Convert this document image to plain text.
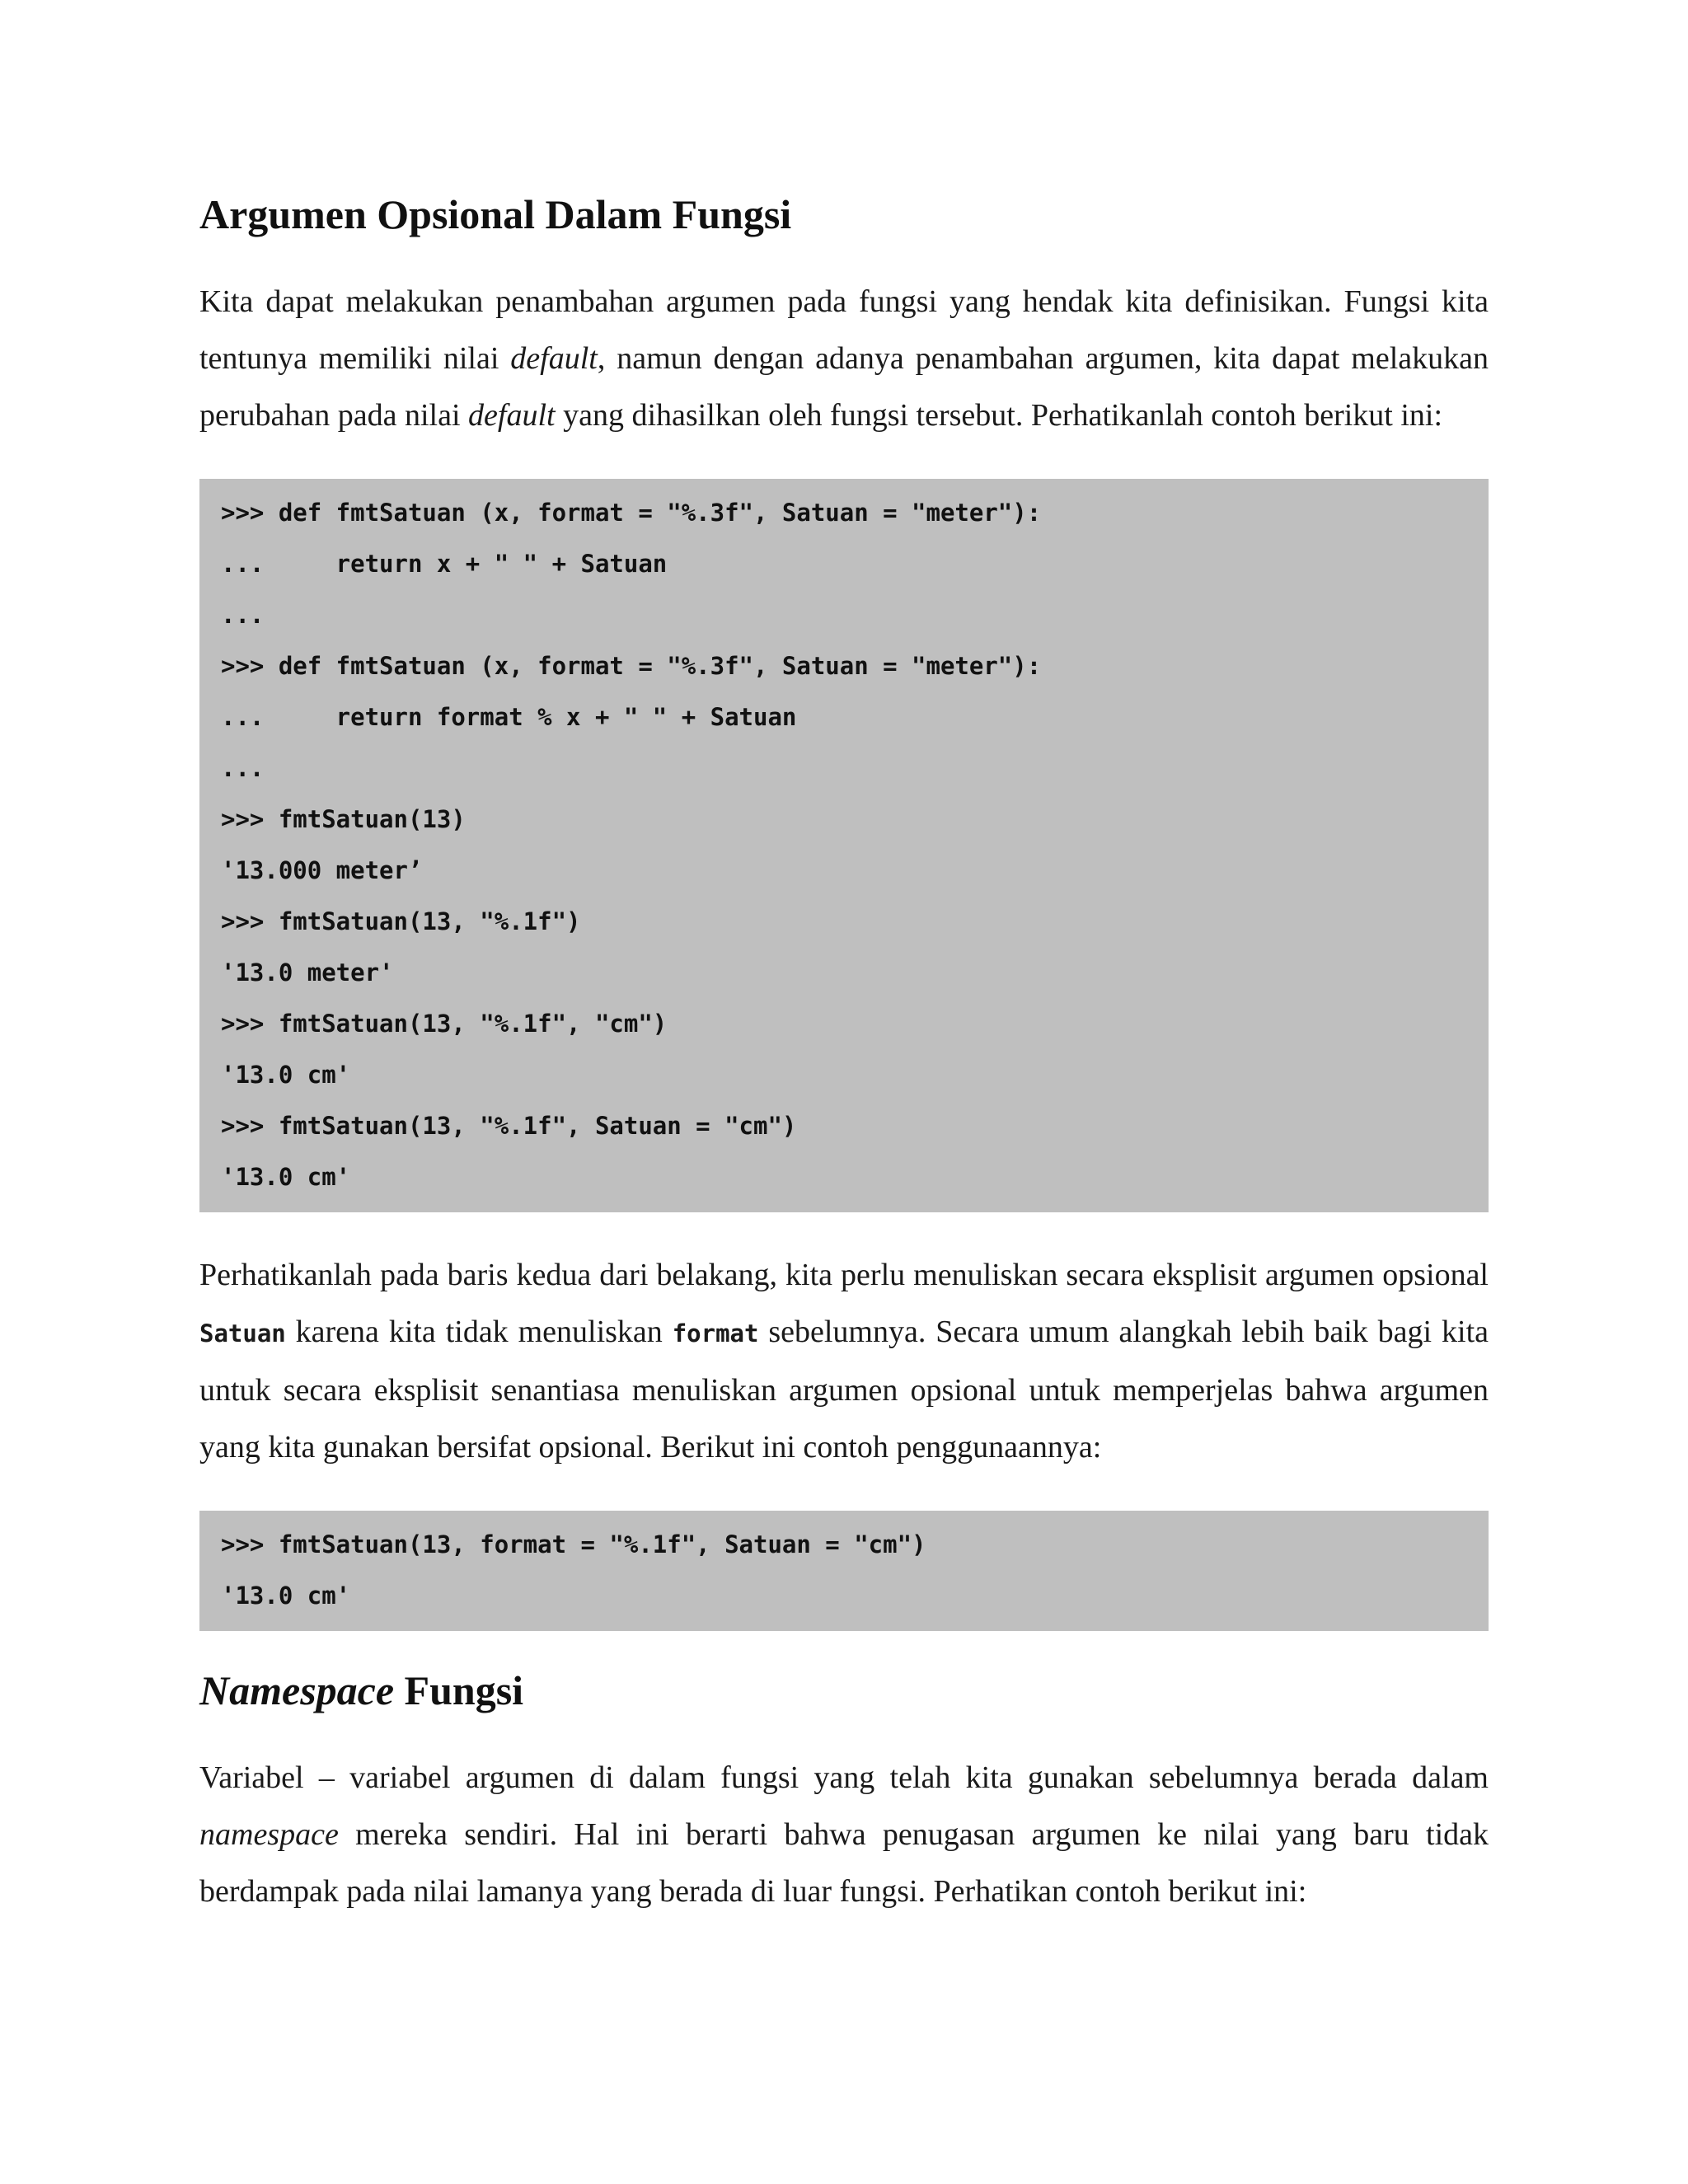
Argumen Opsional Dalam Fungsi

Kita dapat melakukan penambahan argumen pada fungsi yang hendak kita definisikan. Fungsi kita tentunya memiliki nilai default, namun dengan adanya penambahan argumen, kita dapat melakukan perubahan pada nilai default yang dihasilkan oleh fungsi tersebut. Perhatikanlah contoh berikut ini:

>>> def fmtSatuan (x, format = "%.3f", Satuan = "meter"):
...     return x + " " + Satuan
...
>>> def fmtSatuan (x, format = "%.3f", Satuan = "meter"):
...     return format % x + " " + Satuan
...
>>> fmtSatuan(13)
'13.000 meter’
>>> fmtSatuan(13, "%.1f")
'13.0 meter'
>>> fmtSatuan(13, "%.1f", "cm")
'13.0 cm'
>>> fmtSatuan(13, "%.1f", Satuan = "cm")
'13.0 cm'

Perhatikanlah pada baris kedua dari belakang, kita perlu menuliskan secara eksplisit argumen opsional Satuan karena kita tidak menuliskan format sebelumnya. Secara umum alangkah lebih baik bagi kita untuk secara eksplisit senantiasa menuliskan argumen opsional untuk memperjelas bahwa argumen yang kita gunakan bersifat opsional. Berikut ini contoh penggunaannya:

>>> fmtSatuan(13, format = "%.1f", Satuan = "cm")
'13.0 cm'
Namespace Fungsi

Variabel – variabel argumen di dalam fungsi yang telah kita gunakan sebelumnya berada dalam namespace mereka sendiri. Hal ini berarti bahwa penugasan argumen ke nilai yang baru tidak berdampak pada nilai lamanya yang berada di luar fungsi. Perhatikan contoh berikut ini:
